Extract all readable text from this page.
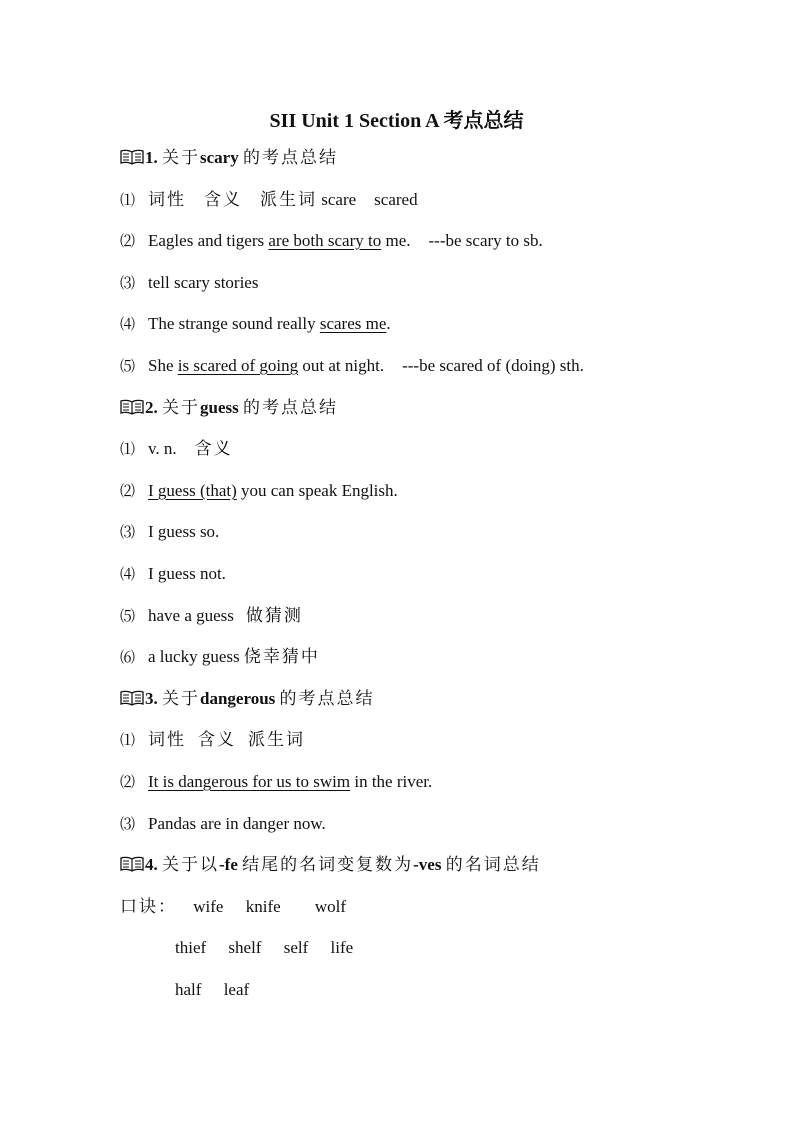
SII Unit 1 Section A 考点总结
1. 关于scary 的考点总结
⑴ 词性 含义 派生词 scare scared
⑵ Eagles and tigers are both scary to me. ---be scary to sb.
⑶ tell scary stories
⑷ The strange sound really scares me.
⑸ She is scared of going out at night. ---be scared of (doing) sth.
2. 关于guess 的考点总结
⑴ v. n. 含义
⑵ I guess (that) you can speak English.
⑶ I guess so.
⑷ I guess not.
⑸ have a guess 做猜测
⑹ a lucky guess 侥幸猜中
3. 关于dangerous 的考点总结
⑴ 词性 含义 派生词
⑵ It is dangerous for us to swim in the river.
⑶ Pandas are in danger now.
4. 关于以-fe 结尾的名词变复数为-ves 的名词总结
口诀： wife knife wolf
thief shelf self life
half leaf
